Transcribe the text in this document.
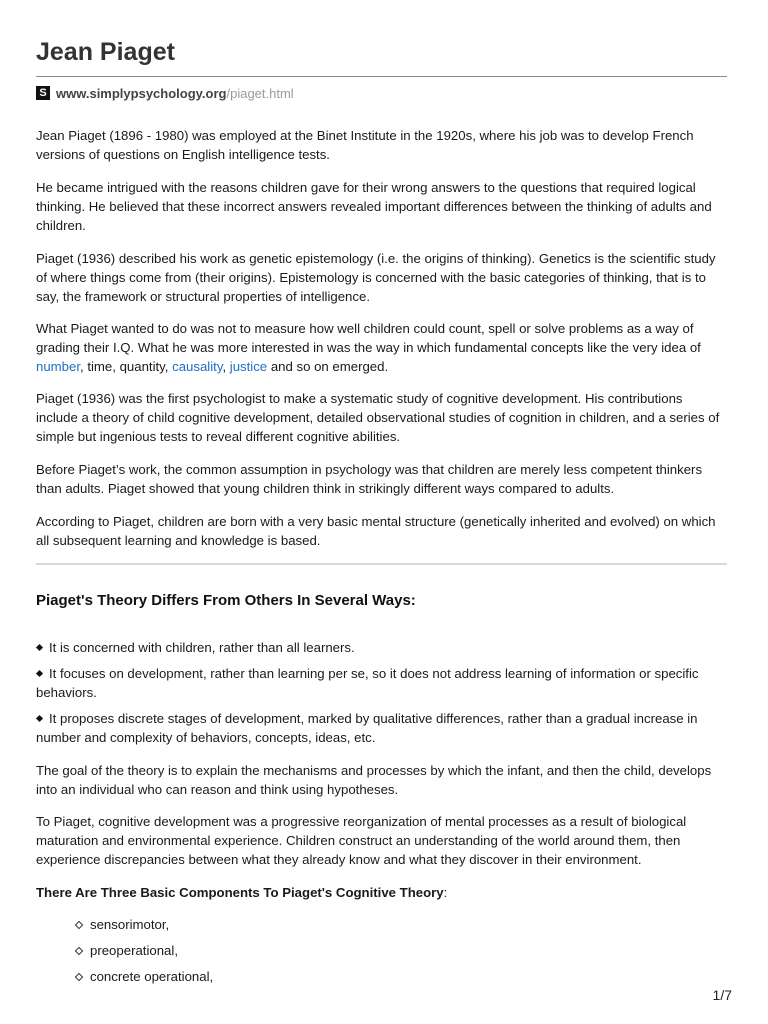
Jean Piaget
S www.simplypsychology.org /piaget.html

Jean Piaget (1896 - 1980) was employed at the Binet Institute in the 1920s, where his job was to develop French versions of questions on English intelligence tests.

He became intrigued with the reasons children gave for their wrong answers to the questions that required logical thinking. He believed that these incorrect answers revealed important differences between the thinking of adults and children.

Piaget (1936) described his work as genetic epistemology (i.e. the origins of thinking). Genetics is the scientific study of where things come from (their origins). Epistemology is concerned with the basic categories of thinking, that is to say, the framework or structural properties of intelligence.

What Piaget wanted to do was not to measure how well children could count, spell or solve problems as a way of grading their I.Q. What he was more interested in was the way in which fundamental concepts like the very idea of number, time, quantity, causality, justice and so on emerged.

Piaget (1936) was the first psychologist to make a systematic study of cognitive development. His contributions include a theory of child cognitive development, detailed observational studies of cognition in children, and a series of simple but ingenious tests to reveal different cognitive abilities.

Before Piaget’s work, the common assumption in psychology was that children are merely less competent thinkers than adults. Piaget showed that young children think in strikingly different ways compared to adults.

According to Piaget, children are born with a very basic mental structure (genetically inherited and evolved) on which all subsequent learning and knowledge is based.

Piaget's Theory Differs From Others In Several Ways:
It is concerned with children, rather than all learners.
It focuses on development, rather than learning per se, so it does not address learning of information or specific behaviors.
It proposes discrete stages of development, marked by qualitative differences, rather than a gradual increase in number and complexity of behaviors, concepts, ideas, etc.

The goal of the theory is to explain the mechanisms and processes by which the infant, and then the child, develops into an individual who can reason and think using hypotheses.

To Piaget, cognitive development was a progressive reorganization of mental processes as a result of biological maturation and environmental experience. Children construct an understanding of the world around them, then experience discrepancies between what they already know and what they discover in their environment.

There Are Three Basic Components To Piaget's Cognitive Theory:

sensorimotor,
preoperational,
concrete operational,
1/7
